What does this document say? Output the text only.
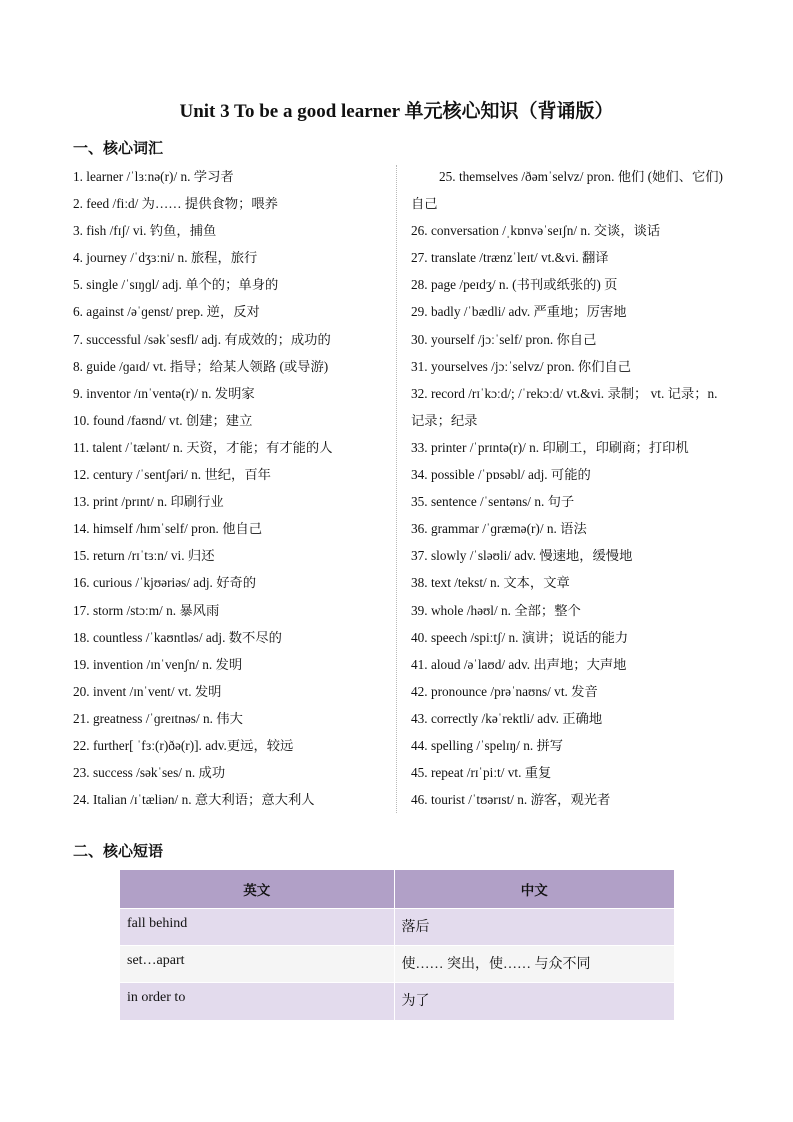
Unit 3 To be a good learner 单元核心知识（背诵版）
一、核心词汇
1. learner /ˈlɜːnə(r)/ n. 学习者
2. feed /fiːd/ 为…… 提供食物；喂养
3. fish /fɪʃ/ vi. 钓鱼，捕鱼
4. journey /ˈdʒɜːni/ n. 旅程，旅行
5. single /ˈsɪŋɡl/ adj. 单个的；单身的
6. against /əˈɡenst/ prep. 逆，反对
7. successful /səkˈsesfl/ adj. 有成效的；成功的
8. guide /ɡaɪd/ vt. 指导；给某人领路 (或导游)
9. inventor /ɪnˈventə(r)/ n. 发明家
10. found /faʊnd/ vt. 创建；建立
11. talent /ˈtælənt/ n. 天资，才能；有才能的人
12. century /ˈsentʃəri/ n. 世纪，百年
13. print /prɪnt/ n. 印刷行业
14. himself /hɪmˈself/ pron. 他自己
15. return /rɪˈtɜːn/ vi. 归还
16. curious /ˈkjʊəriəs/ adj. 好奇的
17. storm /stɔːm/ n. 暴风雨
18. countless /ˈkaʊntləs/ adj. 数不尽的
19. invention /ɪnˈvenʃn/ n. 发明
20. invent /ɪnˈvent/ vt. 发明
21. greatness /ˈɡreɪtnəs/ n. 伟大
22. further[ ˈfɜː(r)ðə(r)]. adv.更远，较远
23. success /səkˈses/ n. 成功
24. Italian /ɪˈtæliən/ n. 意大利语；意大利人
25. themselves /ðəmˈselvz/ pron. 他们 (她们、它们) 自己
26. conversation /ˌkɒnvəˈseɪʃn/ n. 交谈，谈话
27. translate /trænzˈleɪt/ vt.&vi. 翻译
28. page /peɪdʒ/ n. (书刊或纸张的) 页
29. badly /ˈbædli/ adv. 严重地；厉害地
30. yourself /jɔːˈself/ pron. 你自己
31. yourselves /jɔːˈselvz/ pron. 你们自己
32. record /rɪˈkɔːd/; /ˈrekɔːd/ vt.&vi. 录制； vt. 记录；n. 记录；纪录
33. printer /ˈprɪntə(r)/ n. 印刷工，印刷商；打印机
34. possible /ˈpɒsəbl/ adj. 可能的
35. sentence /ˈsentəns/ n. 句子
36. grammar /ˈɡræmə(r)/ n. 语法
37. slowly /ˈsləʊli/ adv. 慢速地，缓慢地
38. text /tekst/ n. 文本，文章
39. whole /həʊl/ n. 全部；整个
40. speech /spiːtʃ/ n. 演讲；说话的能力
41. aloud /əˈlaʊd/ adv. 出声地；大声地
42. pronounce /prəˈnaʊns/ vt. 发音
43. correctly /kəˈrektli/ adv. 正确地
44. spelling /ˈspelɪŋ/ n. 拼写
45. repeat /rɪˈpiːt/ vt. 重复
46. tourist /ˈtʊərɪst/ n. 游客，观光者
二、核心短语
英文	中文
fall behind	落后
set…apart	使…… 突出，使…… 与众不同
in order to	为了
